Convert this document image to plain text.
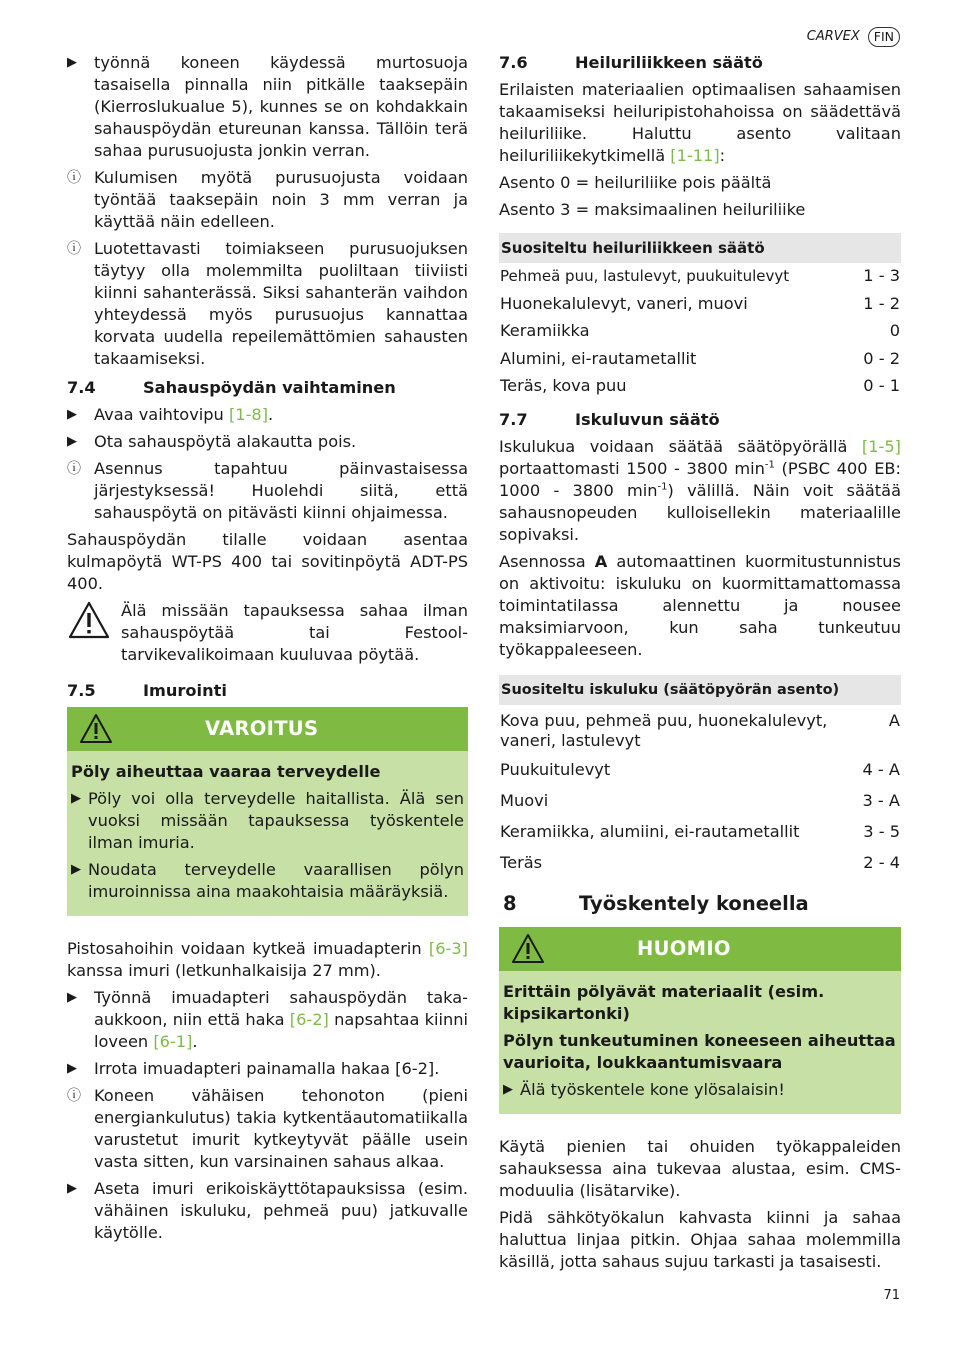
CARVEX	FIN
▶ työnnä koneen käydessä murtosuoja tasaisella pinnalla niin pitkälle taaksepäin (Kierroslukualue 5), kunnes se on kohdakkain sahauspöydän etureunan kanssa. Tällöin terä sahaa purusuojusta jonkin verran.
ⓘ Kulumisen myötä purusuojusta voidaan työntää taaksepäin noin 3 mm verran ja käyttää näin edelleen.
ⓘ Luotettavasti toimiakseen purusuojuksen täytyy olla molemmilta puoliltaan tiiviisti kiinni sahanterässä. Siksi sahanterän vaihdon yhteydessä myös purusuojus kannattaa korvata uudella repeilemättömien sahausten takaamiseksi.
7.4	Sahauspöydän vaihtaminen
▶ Avaa vaihtovipu [1-8].
▶ Ota sahauspöytä alakautta pois.
ⓘ Asennus tapahtuu päinvastaisessa järjestyksessä! Huolehdi siitä, että sahauspöytä on pitävästi kiinni ohjaimessa.

Sahauspöydän tilalle voidaan asentaa kulmapöytä WT-PS 400 tai sovitinpöytä ADT-PS 400.

Älä missään tapauksessa sahaa ilman sahauspöytää tai Festool-tarvikevalikoimaan kuuluvaa pöytää.
7.5	Imurointi
VAROITUS

Pöly aiheuttaa vaaraa terveydelle

▶ Pöly voi olla terveydelle haitallista. Älä sen vuoksi missään tapauksessa työskentele ilman imuria.
▶ Noudata terveydelle vaarallisen pölyn imuroinnissa aina maakohtaisia määräyksiä.

Pistosahoihin voidaan kytkeä imuadapterin [6-3] kanssa imuri (letkunhalkaisija 27 mm).

▶ Työnnä imuadapteri sahauspöydän taka-aukkoon, niin että haka [6-2] napsahtaa kiinni loveen [6-1].
▶ Irrota imuadapteri painamalla hakaa [6-2].
ⓘ Koneen vähäisen tehonoton (pieni energiankulutus) takia kytkentäautomatiikalla varustetut imurit kytkeytyvät päälle usein vasta sitten, kun varsinainen sahaus alkaa.
▶ Aseta imuri erikoiskäyttötapauksissa (esim. vähäinen iskuluku, pehmeä puu) jatkuvalle käytölle.
7.6	Heiluriliikkeen säätö

Erilaisten materiaalien optimaalisen sahaamisen takaamiseksi heiluripistohahoissa on säädettävä heiluriliike. Haluttu asento valitaan heiluriliikekytkimellä [1-11]:

Asento 0 = heiluriliike pois päältä

Asento 3 = maksimaalinen heiluriliike

Suositeltu heiluriliikkeen säätö	
Pehmeä puu, lastulevyt, puukuitulevyt	1 - 3
Huonekalulevyt, vaneri, muovi	1 - 2
Keramiikka	0
Alumini, ei-rautametallit	0 - 2
Teräs, kova puu	0 - 1
7.7	Iskuluvun säätö

Iskulukua voidaan säätää säätöpyörällä [1-5] portaattomasti 1500 - 3800 $\min^{-1}$ (PSBC 400 EB: 1000 - 3800 $\min^{-1}$) välillä. Näin voit säätää sahausnopeuden kulloisellekin materiaalille sopivaksi.

Asennossa A automaattinen kuormitustunnistus on aktivoitu: iskuluku on kuormittamattomassa toimintatilassa alennettu ja nousee maksimiarvoon, kun saha tunkeutuu työkappaleeseen.

Suositeltu iskuluku (säätöpyörän asento)	
Kova puu, pehmeä puu, huonekalulevyt, vaneri, lastulevyt	A
Puukuitulevyt	4 - A
Muovi	3 - A
Keramiikka, alumiini, ei-rautametallit	3 - 5
Teräs	2 - 4
8	Työskentely koneella
HUOMIO

Erittäin pölyävät materiaalit (esim. kipsikartonki)

Pölyn tunkeutuminen koneeseen aiheuttaa vaurioita, loukkaantumisvaara

▶ Älä työskentele kone ylösalaisin!

Käytä pienien tai ohuiden työkappaleiden sahauksessa aina tukevaa alustaa, esim. CMS-moduulia (lisätarvike).

Pidä sähkötyökalun kahvasta kiinni ja sahaa haluttua linjaa pitkin. Ohjaa sahaa molemmilla käsillä, jotta sahaus sujuu tarkasti ja tasaisesti.

71
